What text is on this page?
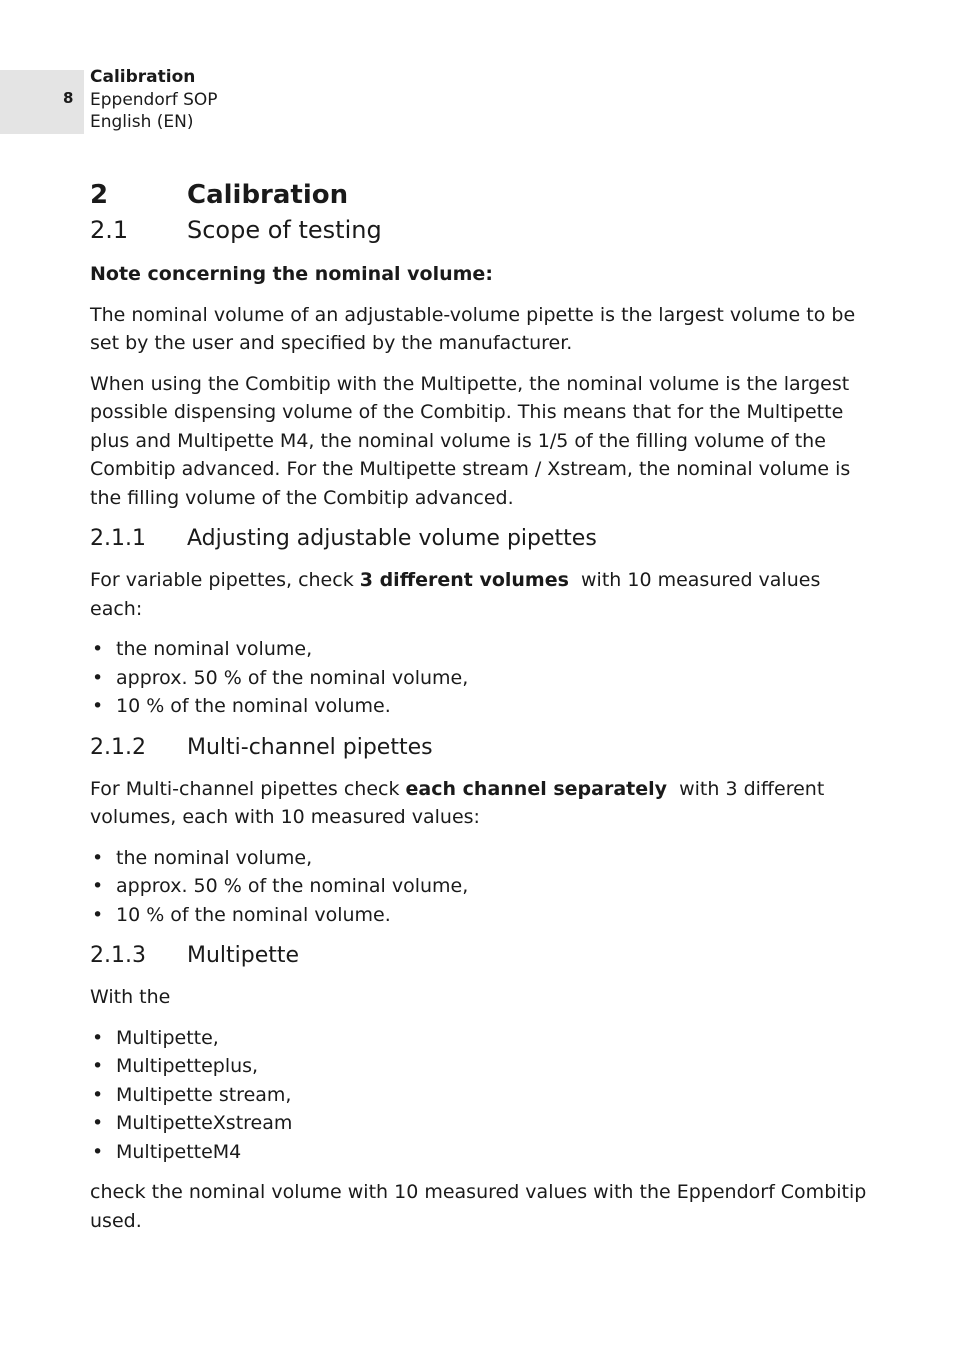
8
Calibration
Eppendorf SOP
English (EN)
2	Calibration
2.1	Scope of testing

Note concerning the nominal volume:

The nominal volume of an adjustable-volume pipette is the largest volume to be set by the user and specified by the manufacturer.

When using the Combitip with the Multipette, the nominal volume is the largest possible dispensing volume of the Combitip. This means that for the Multipette plus and Multipette M4, the nominal volume is 1/5 of the filling volume of the Combitip advanced. For the Multipette stream / Xstream, the nominal volume is the filling volume of the Combitip advanced.

2.1.1	Adjusting adjustable volume pipettes

For variable pipettes, check 3 different volumes  with 10 measured values each:

• the nominal volume,
• approx. 50 % of the nominal volume,
• 10 % of the nominal volume.
2.1.2	Multi-channel pipettes

For Multi-channel pipettes check each channel separately  with 3 different volumes, each with 10 measured values:

• the nominal volume,
• approx. 50 % of the nominal volume,
• 10 % of the nominal volume.
2.1.3	Multipette

With the

• Multipette,
• Multipetteplus,
• Multipette stream,
• MultipetteXstream
• MultipetteM4

check the nominal volume with 10 measured values with the Eppendorf Combitip used.
